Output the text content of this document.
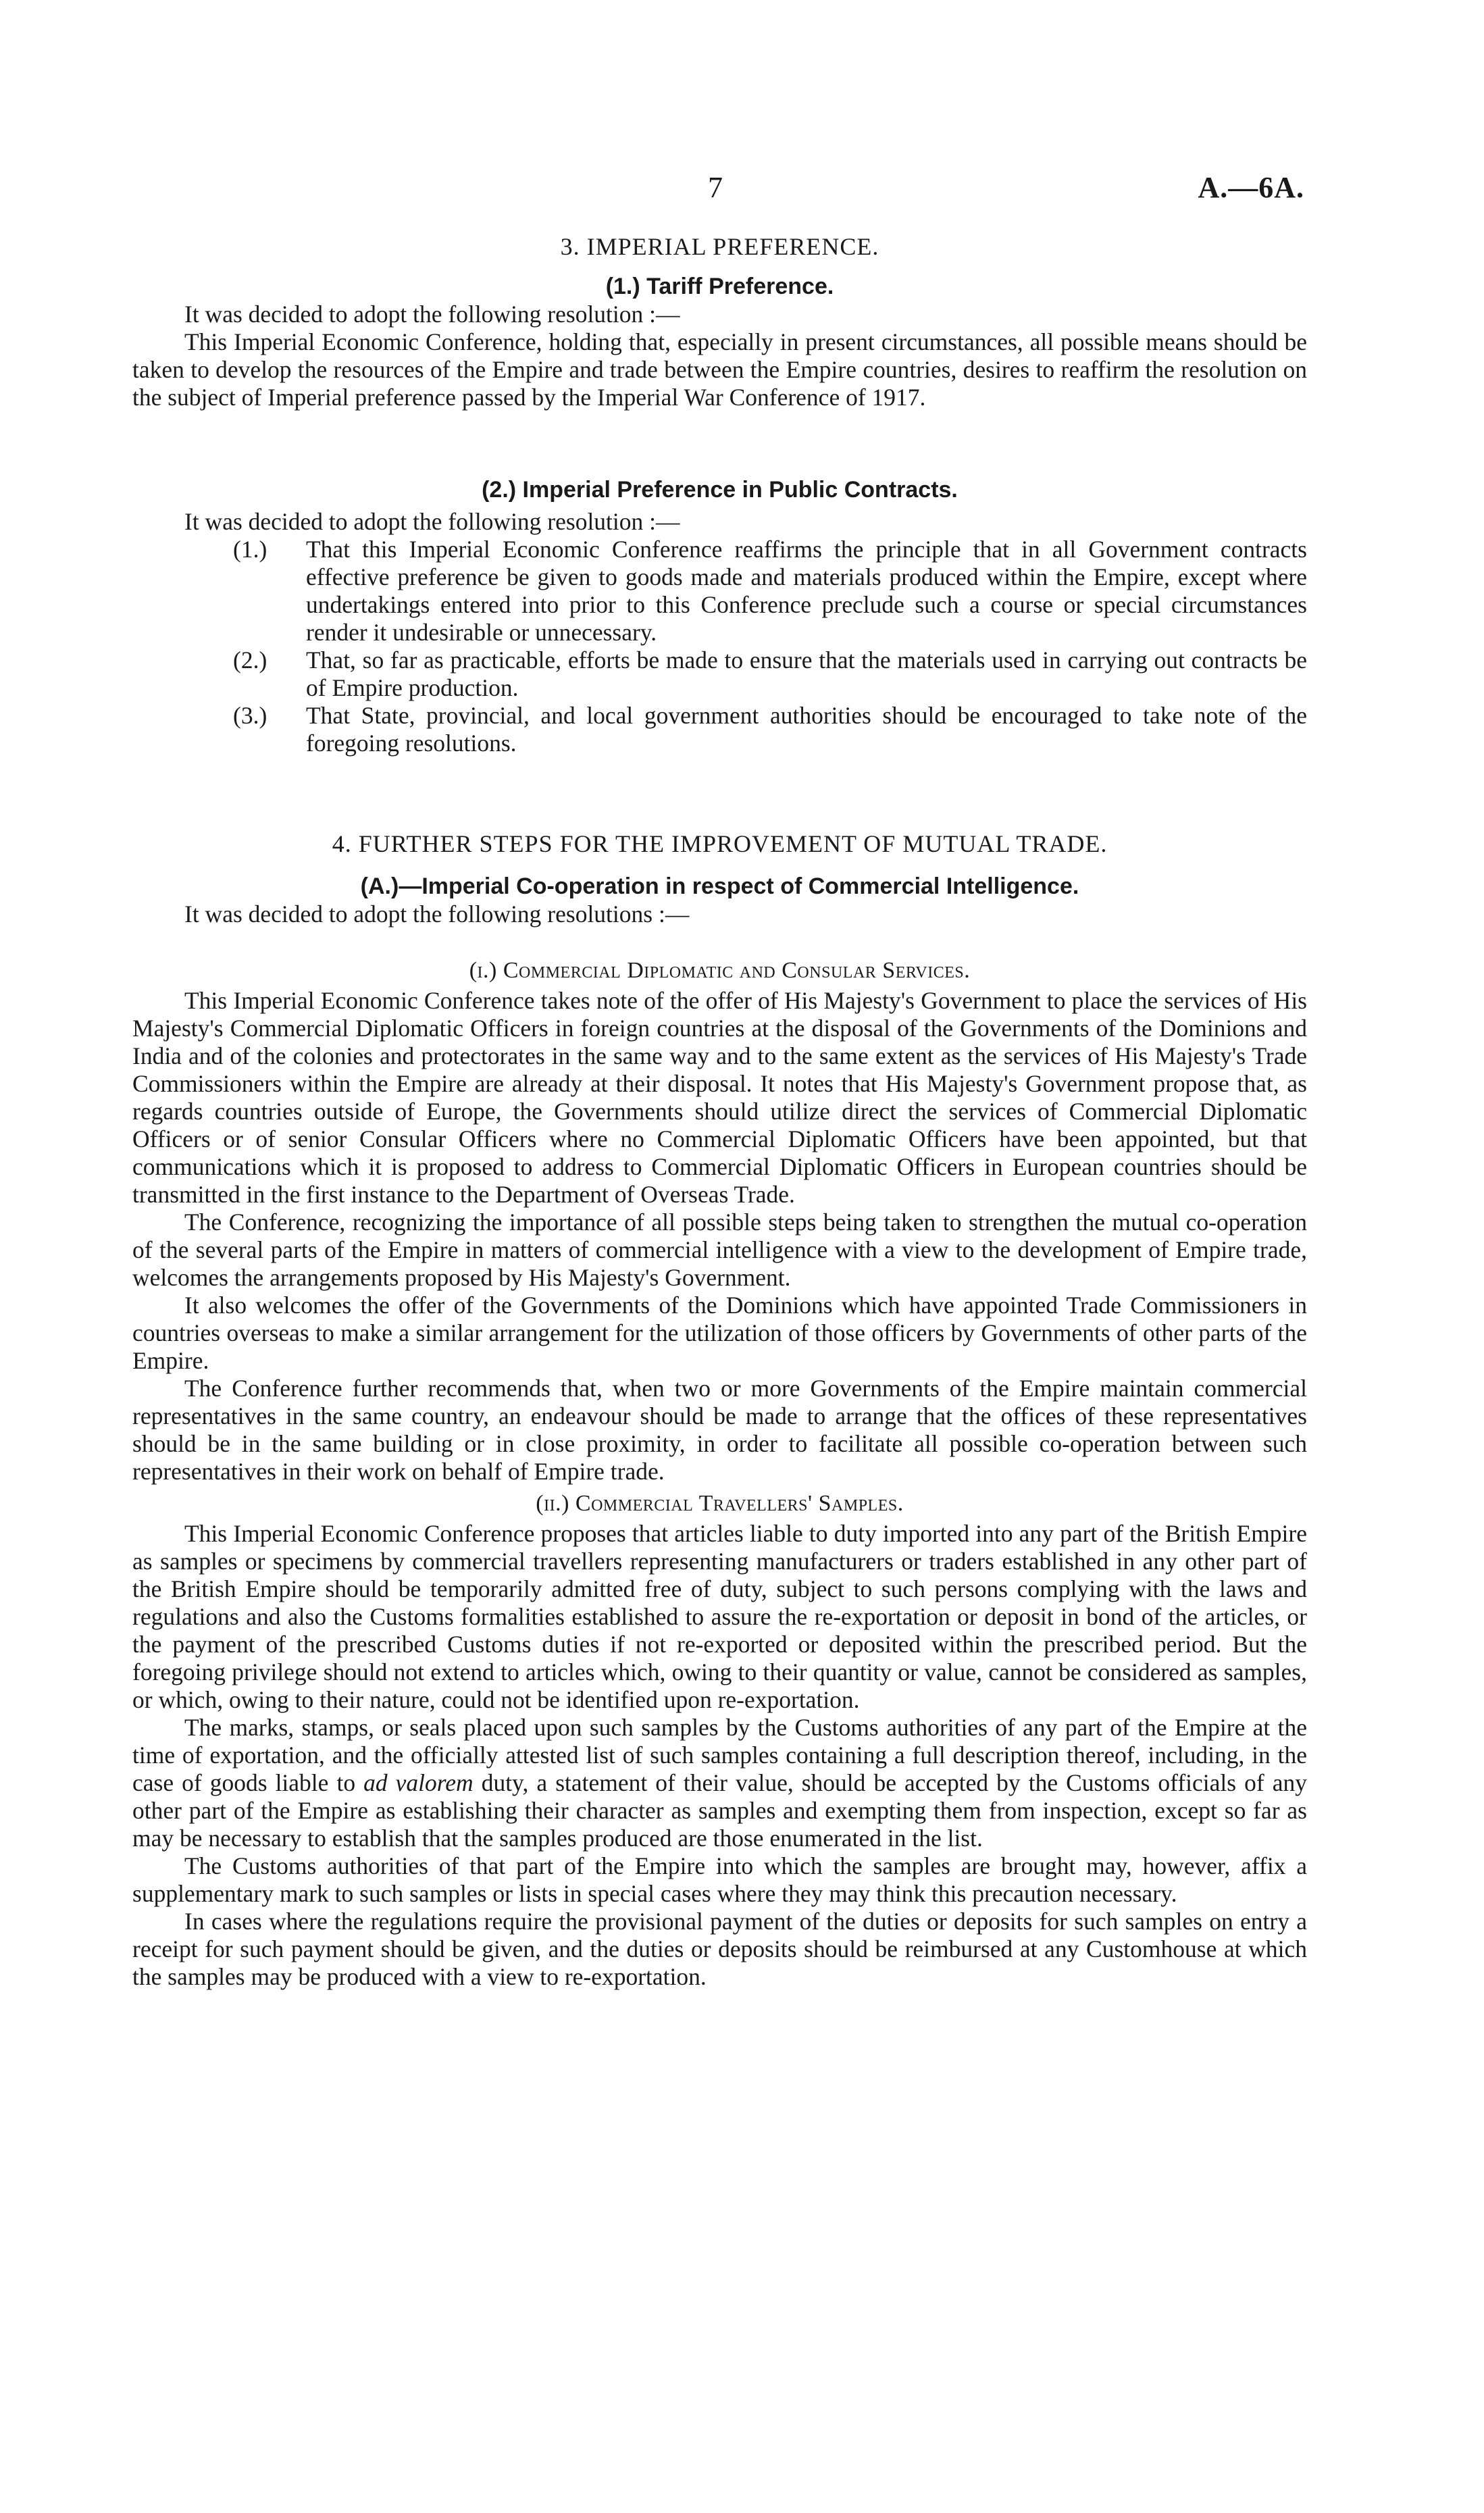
7	A.—6A.
3. IMPERIAL PREFERENCE.
(1.) Tariff Preference.

It was decided to adopt the following resolution :—

This Imperial Economic Conference, holding that, especially in present circumstances, all possible means should be taken to develop the resources of the Empire and trade between the Empire countries, desires to reaffirm the resolution on the subject of Imperial preference passed by the Imperial War Conference of 1917.

(2.) Imperial Preference in Public Contracts.

It was decided to adopt the following resolution :—

(1.) That this Imperial Economic Conference reaffirms the principle that in all Government contracts effective preference be given to goods made and materials produced within the Empire, except where undertakings entered into prior to this Conference preclude such a course or special circumstances render it undesirable or unnecessary.
(2.) That, so far as practicable, efforts be made to ensure that the materials used in carrying out contracts be of Empire production.
(3.) That State, provincial, and local government authorities should be encouraged to take note of the foregoing resolutions.
4. FURTHER STEPS FOR THE IMPROVEMENT OF MUTUAL TRADE.
(A.)—Imperial Co-operation in respect of Commercial Intelligence.

It was decided to adopt the following resolutions :—

(i.) Commercial Diplomatic and Consular Services.

This Imperial Economic Conference takes note of the offer of His Majesty's Government to place the services of His Majesty's Commercial Diplomatic Officers in foreign countries at the disposal of the Governments of the Dominions and India and of the colonies and protectorates in the same way and to the same extent as the services of His Majesty's Trade Commissioners within the Empire are already at their disposal. It notes that His Majesty's Government propose that, as regards countries outside of Europe, the Governments should utilize direct the services of Commercial Diplomatic Officers or of senior Consular Officers where no Commercial Diplomatic Officers have been appointed, but that communications which it is proposed to address to Commercial Diplomatic Officers in European countries should be transmitted in the first instance to the Department of Overseas Trade.

The Conference, recognizing the importance of all possible steps being taken to strengthen the mutual co-operation of the several parts of the Empire in matters of commercial intelligence with a view to the development of Empire trade, welcomes the arrangements proposed by His Majesty's Government.

It also welcomes the offer of the Governments of the Dominions which have appointed Trade Commissioners in countries overseas to make a similar arrangement for the utilization of those officers by Governments of other parts of the Empire.

The Conference further recommends that, when two or more Governments of the Empire maintain commercial representatives in the same country, an endeavour should be made to arrange that the offices of these representatives should be in the same building or in close proximity, in order to facilitate all possible co-operation between such representatives in their work on behalf of Empire trade.

(ii.) Commercial Travellers' Samples.

This Imperial Economic Conference proposes that articles liable to duty imported into any part of the British Empire as samples or specimens by commercial travellers representing manufacturers or traders established in any other part of the British Empire should be temporarily admitted free of duty, subject to such persons complying with the laws and regulations and also the Customs formalities established to assure the re-exportation or deposit in bond of the articles, or the payment of the prescribed Customs duties if not re-exported or deposited within the prescribed period. But the foregoing privilege should not extend to articles which, owing to their quantity or value, cannot be considered as samples, or which, owing to their nature, could not be identified upon re-exportation.

The marks, stamps, or seals placed upon such samples by the Customs authorities of any part of the Empire at the time of exportation, and the officially attested list of such samples containing a full description thereof, including, in the case of goods liable to ad valorem duty, a statement of their value, should be accepted by the Customs officials of any other part of the Empire as establishing their character as samples and exempting them from inspection, except so far as may be necessary to establish that the samples produced are those enumerated in the list.

The Customs authorities of that part of the Empire into which the samples are brought may, however, affix a supplementary mark to such samples or lists in special cases where they may think this precaution necessary.

In cases where the regulations require the provisional payment of the duties or deposits for such samples on entry a receipt for such payment should be given, and the duties or deposits should be reimbursed at any Customhouse at which the samples may be produced with a view to re-exportation.
